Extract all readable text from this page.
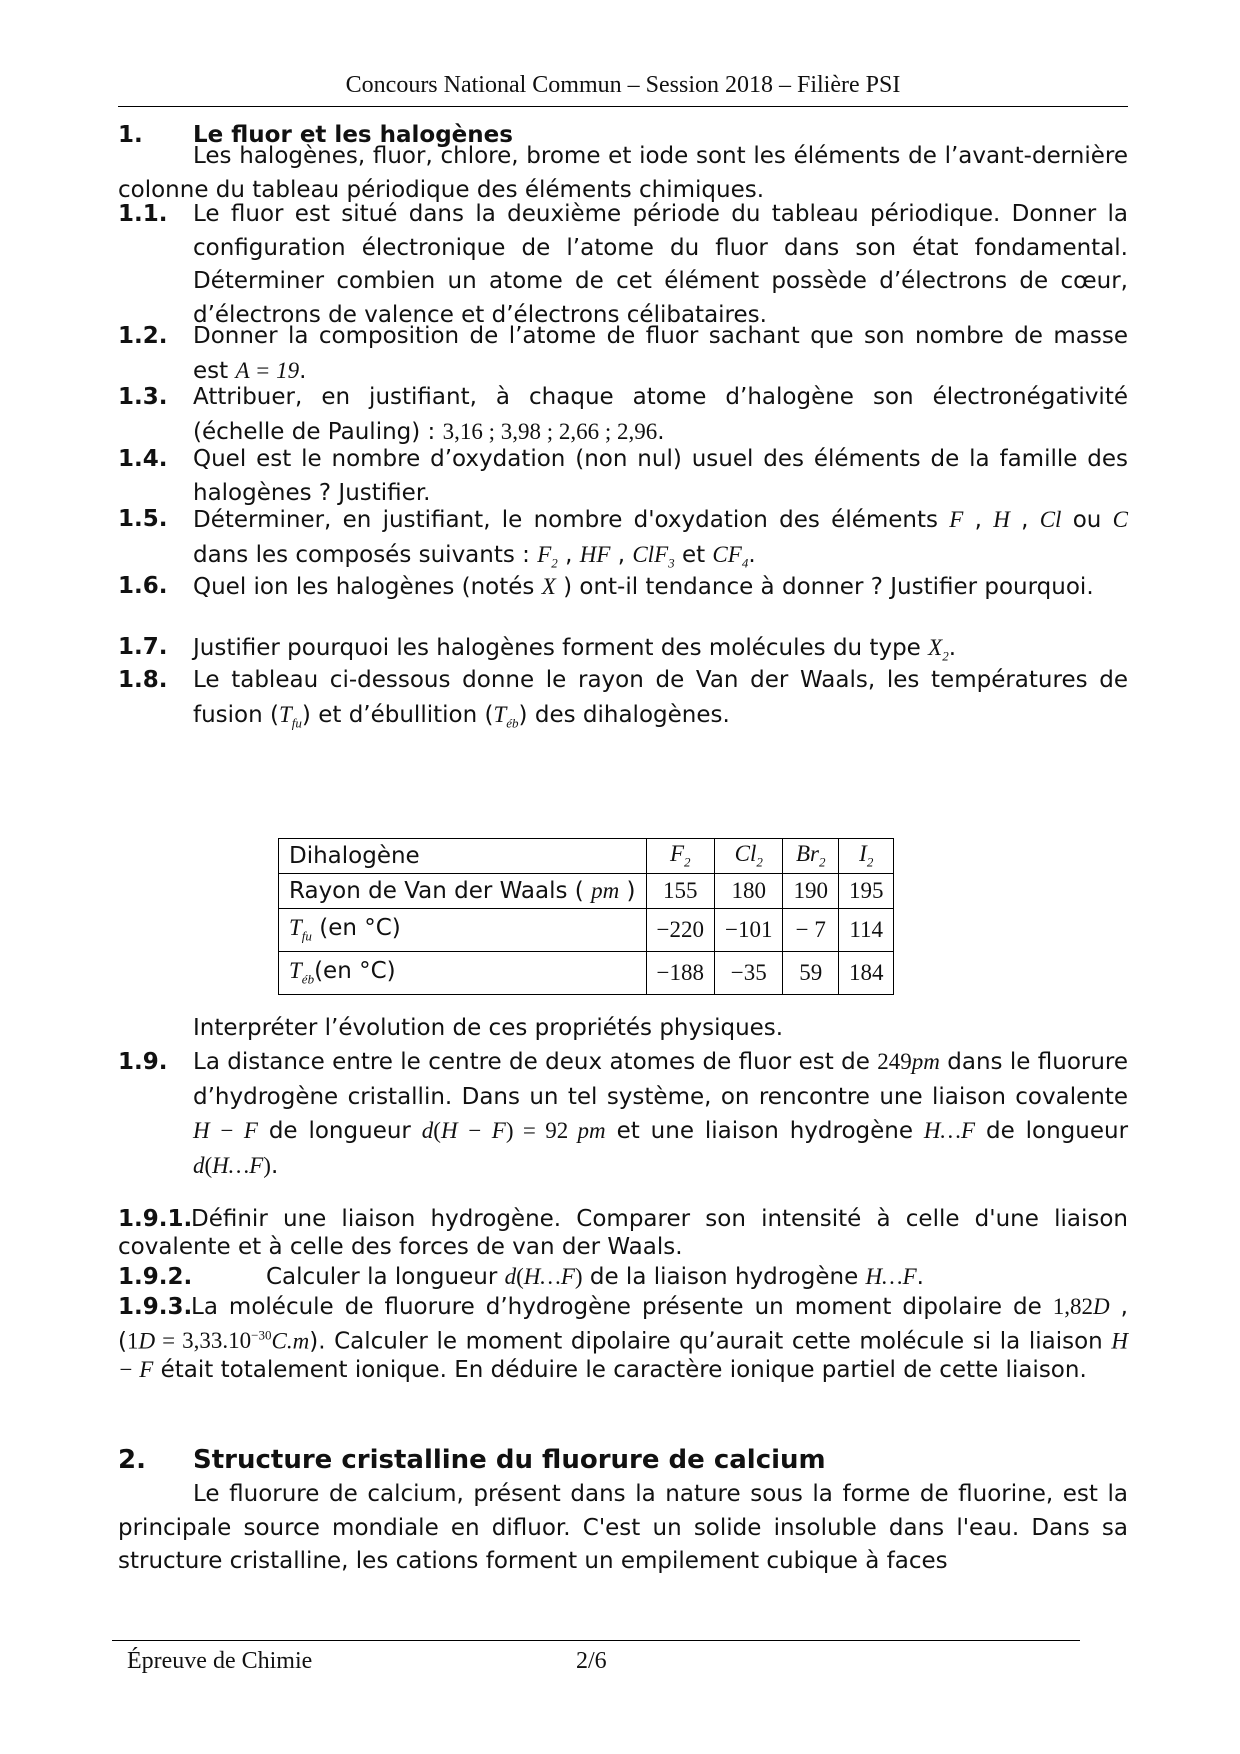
Concours National Commun – Session 2018 – Filière PSI
1. Le fluor et les halogènes
Les halogènes, fluor, chlore, brome et iode sont les éléments de l’avant-dernière colonne du tableau périodique des éléments chimiques.
1.1. Le fluor est situé dans la deuxième période du tableau périodique. Donner la configuration électronique de l’atome du fluor dans son état fondamental. Déterminer combien un atome de cet élément possède d’électrons de cœur, d’électrons de valence et d’électrons célibataires.
1.2. Donner la composition de l’atome de fluor sachant que son nombre de masse est A = 19.
1.3. Attribuer, en justifiant, à chaque atome d’halogène son électronégativité (échelle de Pauling) : 3,16 ; 3,98 ; 2,66 ; 2,96.
1.4. Quel est le nombre d’oxydation (non nul) usuel des éléments de la famille des halogènes ? Justifier.
1.5. Déterminer, en justifiant, le nombre d'oxydation des éléments F , H , Cl ou C dans les composés suivants : $F_2$ , HF , ClF$_3$ et $CF_4$.
1.6. Quel ion les halogènes (notés X ) ont-il tendance à donner ? Justifier pourquoi.
1.7. Justifier pourquoi les halogènes forment des molécules du type $X_2$.
1.8. Le tableau ci-dessous donne le rayon de Van der Waals, les températures de fusion $(T_{fu})$ et d’ébullition $(T_{éb})$ des dihalogènes.
Dihalogène	$F_2$	$Cl_2$	$Br_2$	$I_2$
Rayon de Van der Waals ( pm )	155	180	190	195
$T_{fu}$ (en °C)	−220	−101	− 7	114
$T_{éb}(en$ °C)	−188	−35	59	184
Interpréter l’évolution de ces propriétés physiques.
1.9. La distance entre le centre de deux atomes de fluor est de 249pm dans le fluorure d’hydrogène cristallin. Dans un tel système, on rencontre une liaison covalente H − F de longueur d(H − F) = 92 pm et une liaison hydrogène H…F de longueur d(H…F).
1.9.1.
Définir une liaison hydrogène. Comparer son intensité à celle d'une liaison covalente et à celle des forces de van der Waals.
1.9.2.	Calculer la longueur d(H…F) de la liaison hydrogène H…F.
1.9.3.
La molécule de fluorure d’hydrogène présente un moment dipolaire de 1,82D , $(1D = 3,33.10^{-30}C.m)$. Calculer le moment dipolaire qu’aurait cette molécule si la liaison H − F était totalement ionique. En déduire le caractère ionique partiel de cette liaison.
2. Structure cristalline du fluorure de calcium
Le fluorure de calcium, présent dans la nature sous la forme de fluorine, est la principale source mondiale en difluor. C'est un solide insoluble dans l'eau. Dans sa structure cristalline, les cations forment un empilement cubique à faces
Épreuve de Chimie	2/6
